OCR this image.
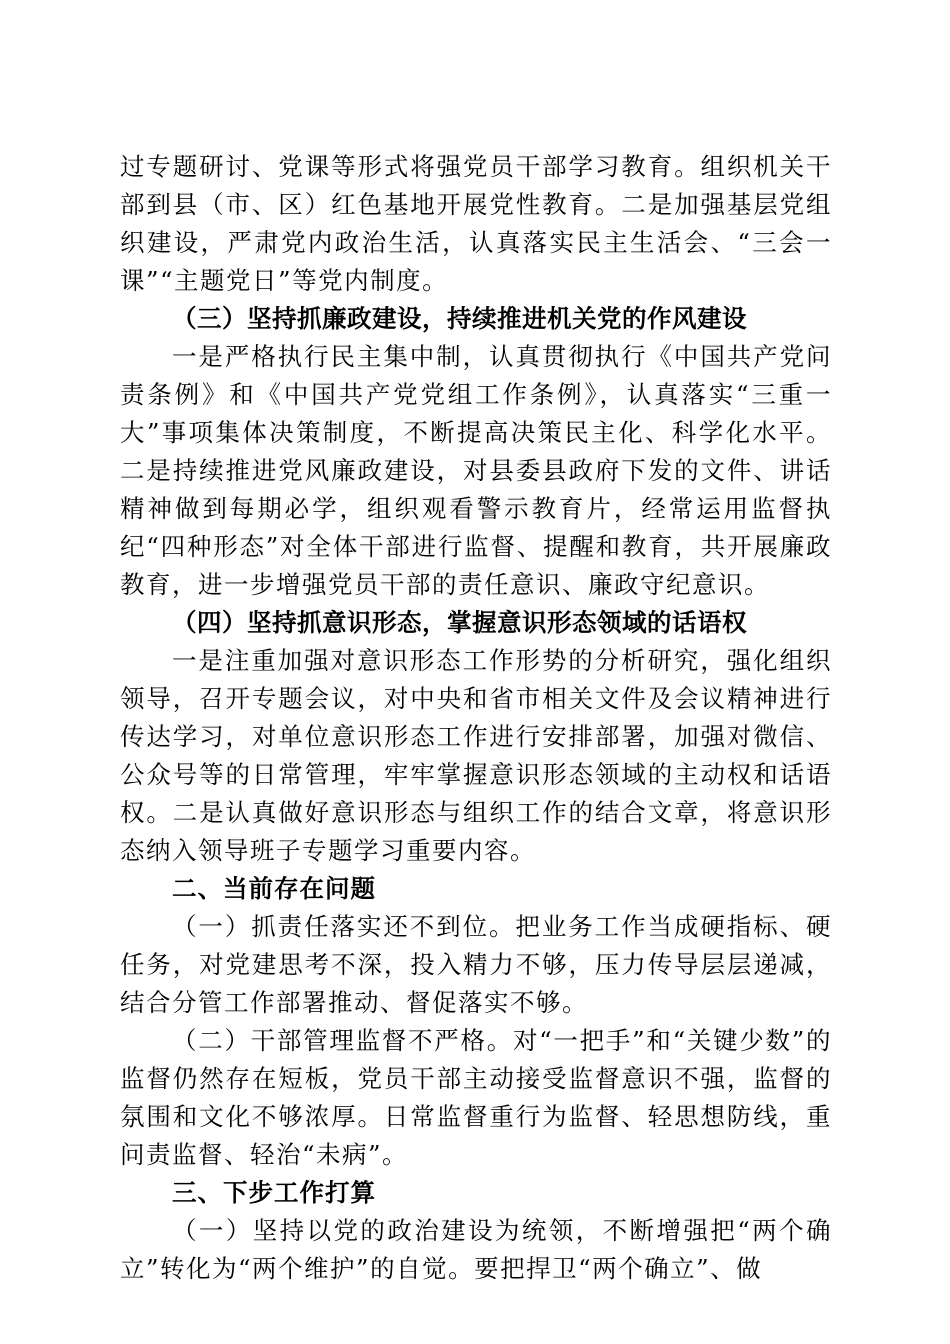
过专题研讨、党课等形式将强党员干部学习教育。组织机关干部到县（市、区）红色基地开展党性教育。二是加强基层党组织建设，严肃党内政治生活，认真落实民主生活会、“三会一课”“主题党日”等党内制度。

（三）坚持抓廉政建设，持续推进机关党的作风建设

一是严格执行民主集中制，认真贯彻执行《中国共产党问责条例》和《中国共产党党组工作条例》，认真落实“三重一大”事项集体决策制度，不断提高决策民主化、科学化水平。二是持续推进党风廉政建设，对县委县政府下发的文件、讲话精神做到每期必学，组织观看警示教育片，经常运用监督执纪“四种形态”对全体干部进行监督、提醒和教育，共开展廉政教育，进一步增强党员干部的责任意识、廉政守纪意识。

（四）坚持抓意识形态，掌握意识形态领域的话语权

一是注重加强对意识形态工作形势的分析研究，强化组织领导，召开专题会议，对中央和省市相关文件及会议精神进行传达学习，对单位意识形态工作进行安排部署，加强对微信、公众号等的日常管理，牢牢掌握意识形态领域的主动权和话语权。二是认真做好意识形态与组织工作的结合文章，将意识形态纳入领导班子专题学习重要内容。

二、当前存在问题

（一）抓责任落实还不到位。把业务工作当成硬指标、硬任务，对党建思考不深，投入精力不够，压力传导层层递减，结合分管工作部署推动、督促落实不够。

（二）干部管理监督不严格。对“一把手”和“关键少数”的监督仍然存在短板，党员干部主动接受监督意识不强，监督的氛围和文化不够浓厚。日常监督重行为监督、轻思想防线，重问责监督、轻治“未病”。

三、下步工作打算

（一）坚持以党的政治建设为统领，不断增强把“两个确立”转化为“两个维护”的自觉。要把捍卫“两个确立”、做
